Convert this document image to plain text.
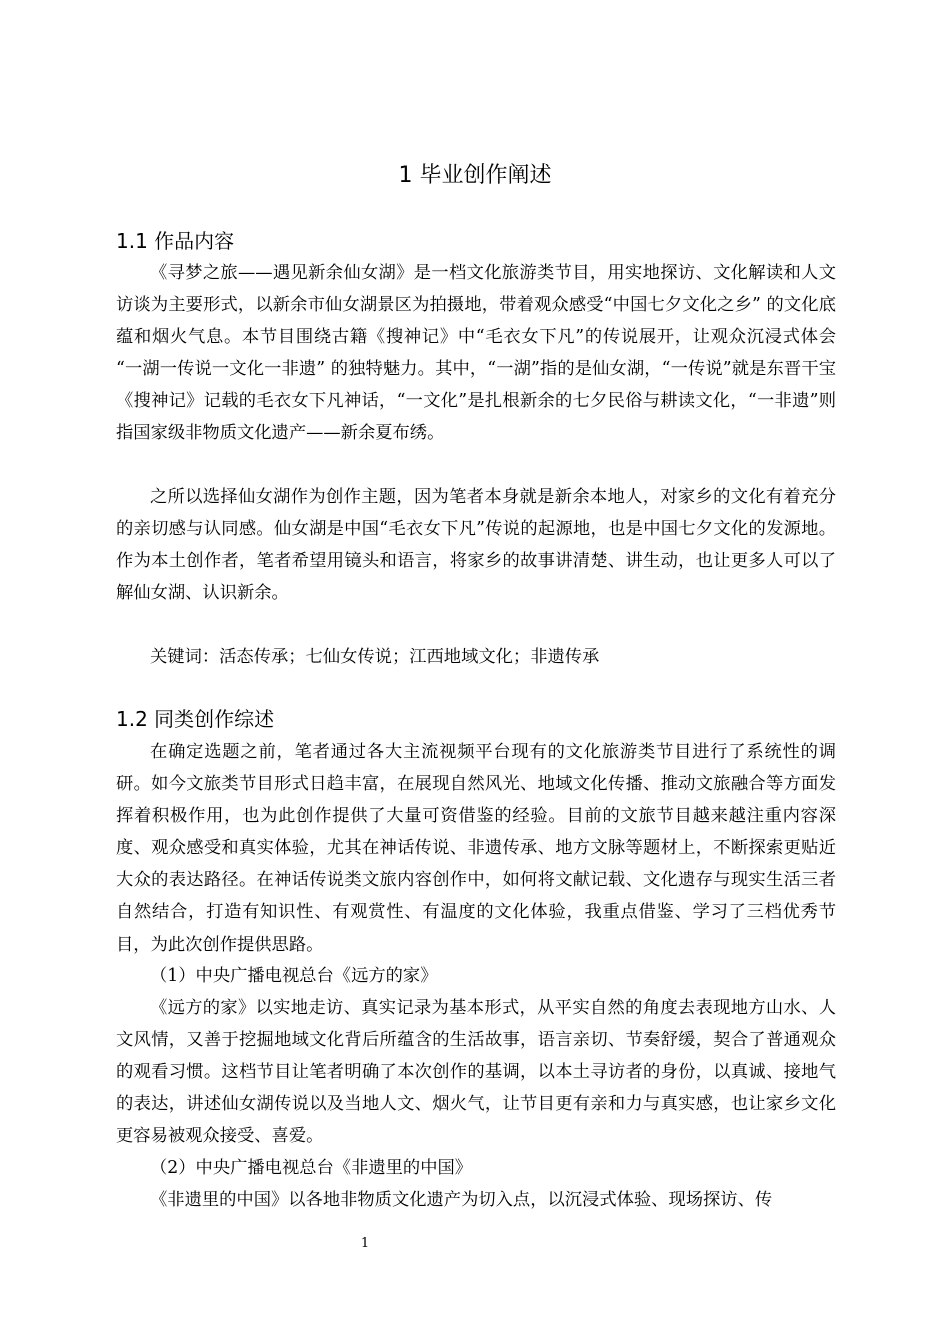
1 毕业创作阐述
1.1 作品内容

《寻梦之旅——遇见新余仙女湖》是一档文化旅游类节目，用实地探访、文化解读和人文访谈为主要形式，以新余市仙女湖景区为拍摄地，带着观众感受“中国七夕文化之乡” 的文化底蕴和烟火气息。本节目围绕古籍《搜神记》中“毛衣女下凡”的传说展开，让观众沉浸式体会 “一湖一传说一文化一非遗” 的独特魅力。其中，“一湖”指的是仙女湖，“一传说”就是东晋干宝《搜神记》记载的毛衣女下凡神话，“一文化”是扎根新余的七夕民俗与耕读文化，“一非遗”则指国家级非物质文化遗产——新余夏布绣。

之所以选择仙女湖作为创作主题，因为笔者本身就是新余本地人，对家乡的文化有着充分的亲切感与认同感。仙女湖是中国“毛衣女下凡”传说的起源地，也是中国七夕文化的发源地。作为本土创作者，笔者希望用镜头和语言，将家乡的故事讲清楚、讲生动，也让更多人可以了解仙女湖、认识新余。

关键词：活态传承；七仙女传说；江西地域文化；非遗传承

1.2 同类创作综述

在确定选题之前，笔者通过各大主流视频平台现有的文化旅游类节目进行了系统性的调研。如今文旅类节目形式日趋丰富，在展现自然风光、地域文化传播、推动文旅融合等方面发挥着积极作用，也为此创作提供了大量可资借鉴的经验。目前的文旅节目越来越注重内容深度、观众感受和真实体验，尤其在神话传说、非遗传承、地方文脉等题材上，不断探索更贴近大众的表达路径。在神话传说类文旅内容创作中，如何将文献记载、文化遗存与现实生活三者自然结合，打造有知识性、有观赏性、有温度的文化体验，我重点借鉴、学习了三档优秀节目，为此次创作提供思路。

（1）中央广播电视总台《远方的家》

《远方的家》以实地走访、真实记录为基本形式，从平实自然的角度去表现地方山水、人文风情，又善于挖掘地域文化背后所蕴含的生活故事，语言亲切、节奏舒缓，契合了普通观众的观看习惯。这档节目让笔者明确了本次创作的基调，以本土寻访者的身份，以真诚、接地气的表达，讲述仙女湖传说以及当地人文、烟火气，让节目更有亲和力与真实感，也让家乡文化更容易被观众接受、喜爱。

（2）中央广播电视总台《非遗里的中国》

《非遗里的中国》以各地非物质文化遗产为切入点，以沉浸式体验、现场探访、传

1
